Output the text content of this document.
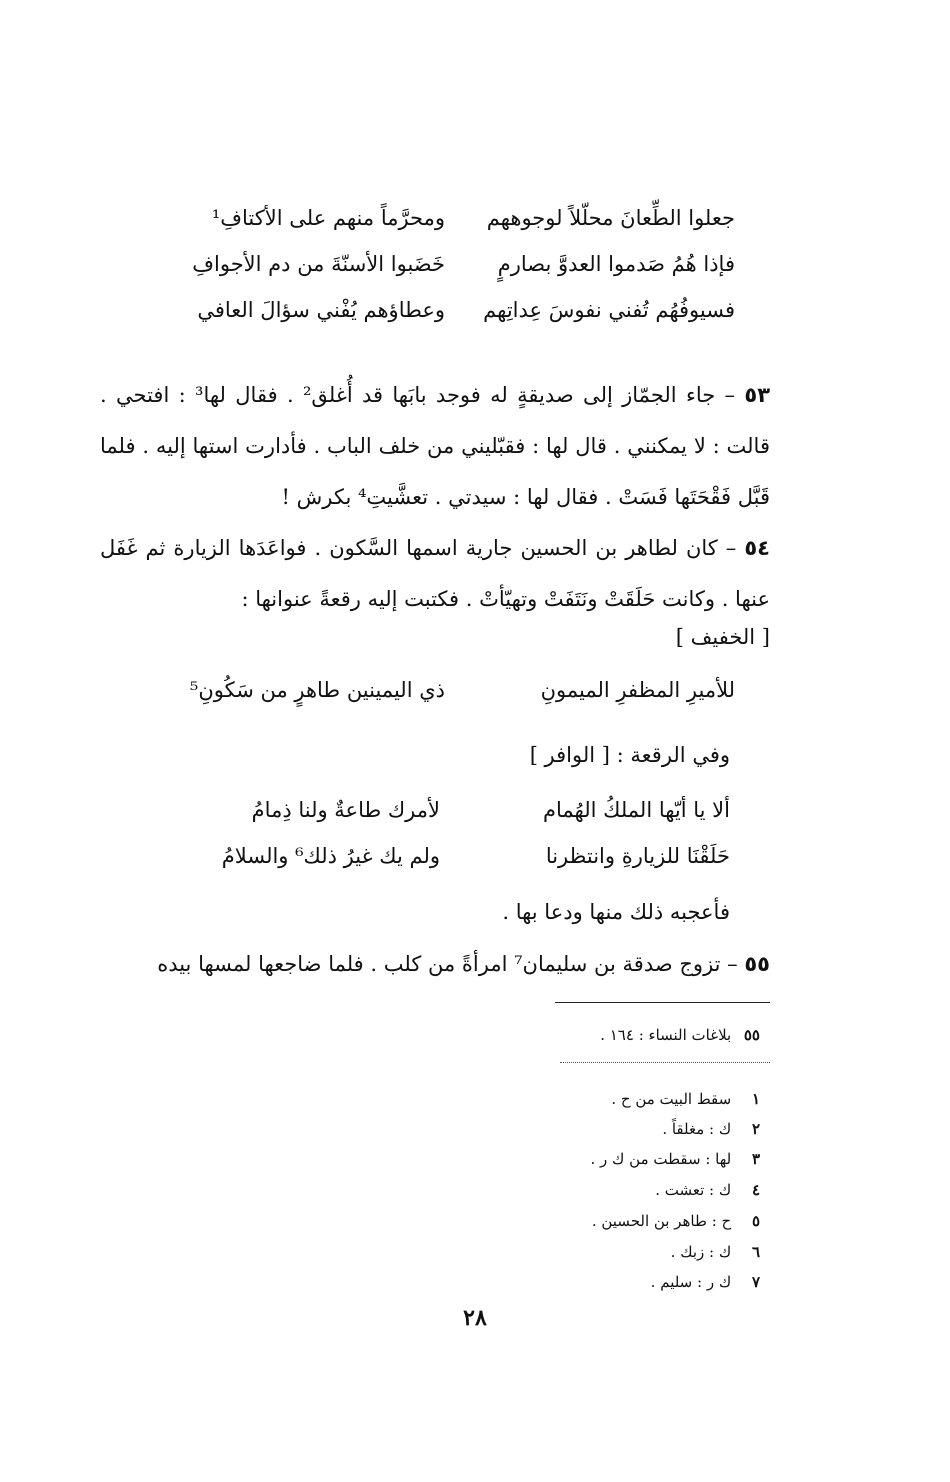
جعلوا الطِّعانَ محلّلاً لوجوههم
ومحرَّماً منهم على الأكتافِ¹
فإذا هُمُ صَدموا العدوَّ بصارمٍ
خَضَبوا الأسنّةَ من دم الأجوافِ
فسيوفُهُم تُفني نفوسَ عِداتِهم
وعطاؤهم يُفْني سؤالَ العافي
٥٣ – جاء الجمّاز إلى صديقةٍ له فوجد بابَها قد أُغلق² . فقال لها³ : افتحي . قالت : لا يمكنني . قال لها : فقبّليني من خلف الباب . فأدارت استها إليه . فلما قَبَّل فَقْحَتَها فَسَتْ . فقال لها : سيدتي . تعشَّيتِ⁴ بكرش !
٥٤ – كان لطاهر بن الحسين جارية اسمها السَّكون . فواعَدَها الزيارة ثم غَفَل عنها . وكانت حَلَقَتْ ونَتَفَتْ وتهيّأتْ . فكتبت إليه رقعةً عنوانها :
[ الخفيف ]
للأميرِ المظفرِ الميمونِ
ذي اليمينين طاهرٍ من سَكُونِ⁵
وفي الرقعة : [ الوافر ]
ألا يا أيّها الملكُ الهُمام
لأمرك طاعةٌ ولنا ذِمامُ
حَلَقْنَا للزيارةِ وانتظرنا
ولم يك غيرُ ذلك⁶ والسلامُ
فأعجبه ذلك منها ودعا بها .
٥٥ – تزوج صدقة بن سليمان⁷ امرأةً من كلب . فلما ضاجعها لمسها بيده
٥٥ بلاغات النساء : ١٦٤ .
١ سقط البيت من ح .
٢ ك : مغلقاً .
٣ لها : سقطت من ك ر .
٤ ك : تعشت .
٥ ح : طاهر بن الحسين .
٦ ك : زبك .
٧ ك ر : سليم .
٢٨
